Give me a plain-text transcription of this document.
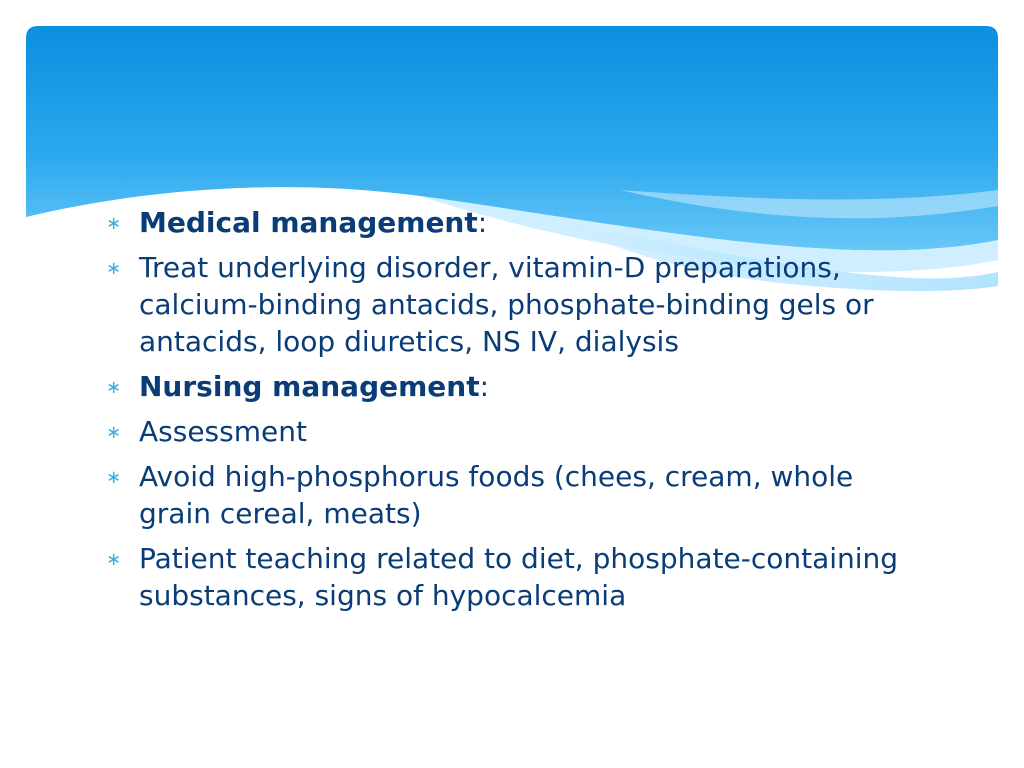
∗ Medical management:
∗ Treat underlying disorder, vitamin-D preparations, calcium-binding antacids, phosphate-binding gels or antacids, loop diuretics, NS IV, dialysis
∗ Nursing management:
∗ Assessment
∗ Avoid high-phosphorus foods (chees, cream, whole grain cereal, meats)
∗ Patient teaching related to diet, phosphate-containing substances, signs of hypocalcemia
